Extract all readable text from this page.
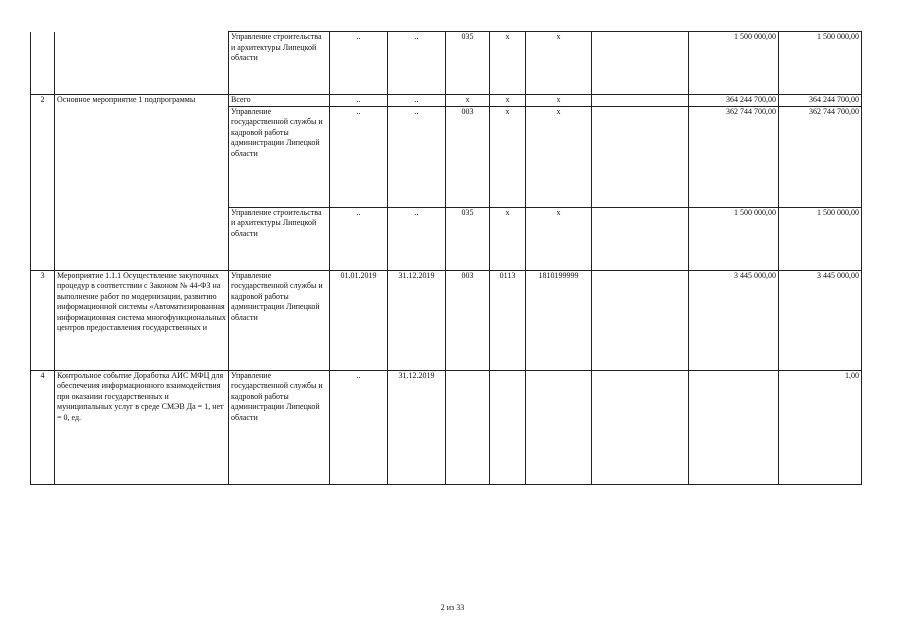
		Управление строительства и архитектуры Липецкой области	..	..	035	x	x		1 500 000,00	1 500 000,00
2	Основное мероприятие 1 подпрограммы	Всего	..	..	x	x	x		364 244 700,00	364 244 700,00
		Управление государственной службы и кадровой работы администрации Липецкой области	..	..	003	x	x		362 744 700,00	362 744 700,00
		Управление строительства и архитектуры Липецкой области	..	..	035	x	x		1 500 000,00	1 500 000,00
3	Мероприятие 1.1.1 Осуществление закупочных процедур в соответствии с Законом № 44-ФЗ на выполнение работ по модернизации, развитию информационной системы «Автоматизированная информационная система многофункциональных центров предоставления государственных и	Управление государственной службы и кадровой работы администрации Липецкой области	01.01.2019	31.12.2019	003	0113	1810199999		3 445 000,00	3 445 000,00
4	Контрольное событие Доработка АИС МФЦ для обеспечения информационного взаимодействия при оказании государственных и муниципальных услуг в среде СМЭВ Да = 1, нет = 0, ед.	Управление государственной службы и кадровой работы администрации Липецкой области	..	31.12.2019						1,00
2 из 33
